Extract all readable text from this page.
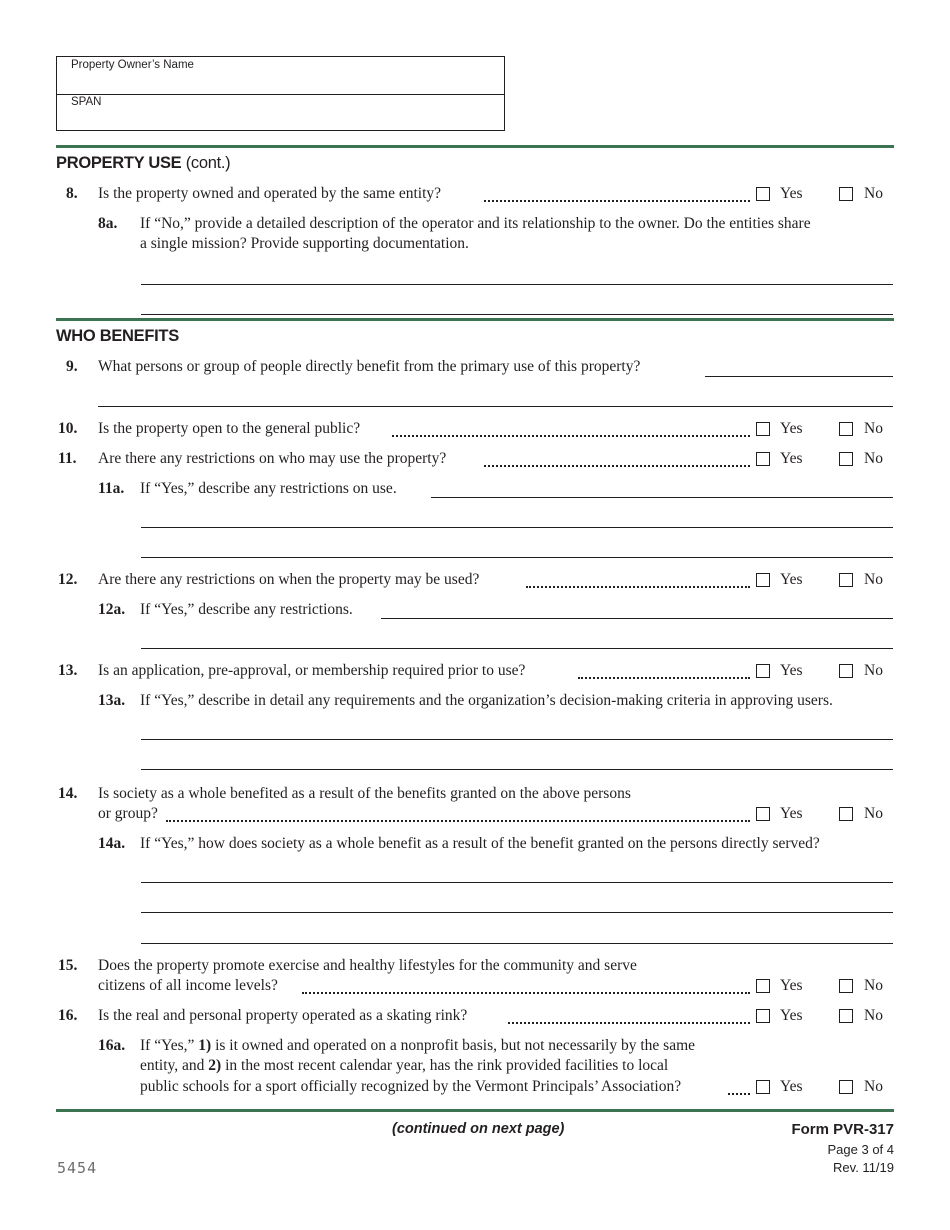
Property Owner’s Name
SPAN
PROPERTY USE (cont.)
8. Is the property owned and operated by the same entity?	Yes	No
8a. If “No,” provide a detailed description of the operator and its relationship to the owner. Do the entities share
a single mission? Provide supporting documentation.
WHO BENEFITS
9. What persons or group of people directly benefit from the primary use of this property?
10. Is the property open to the general public?	Yes	No
11. Are there any restrictions on who may use the property?	Yes	No
11a. If “Yes,” describe any restrictions on use.
12. Are there any restrictions on when the property may be used?	Yes	No
12a. If “Yes,” describe any restrictions.
13. Is an application, pre-approval, or membership required prior to use?	Yes	No
13a. If “Yes,” describe in detail any requirements and the organization’s decision-making criteria in approving users.
14. Is society as a whole benefited as a result of the benefits granted on the above persons
or group?	Yes	No
14a. If “Yes,” how does society as a whole benefit as a result of the benefit granted on the persons directly served?
15. Does the property promote exercise and healthy lifestyles for the community and serve
citizens of all income levels?	Yes	No
16. Is the real and personal property operated as a skating rink?	Yes	No
16a. If “Yes,” 1) is it owned and operated on a nonprofit basis, but not necessarily by the same
entity, and 2) in the most recent calendar year, has the rink provided facilities to local
public schools for a sport officially recognized by the Vermont Principals’ Association?	Yes	No
(continued on next page)	Form PVR-317
Page 3 of 4
Rev. 11/19
5454
